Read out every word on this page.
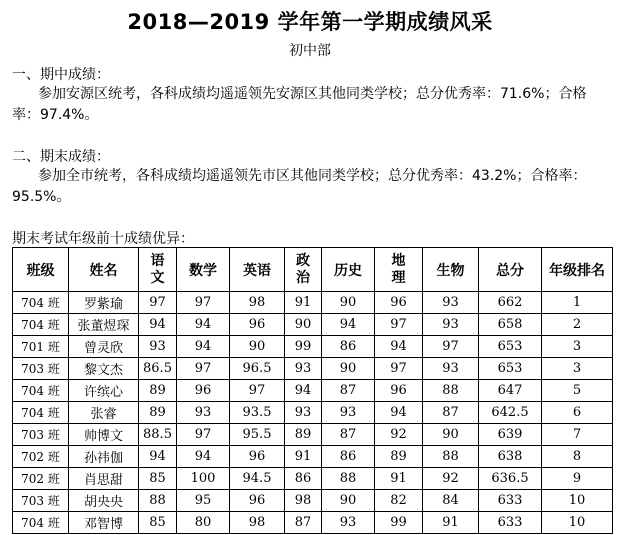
2018—2019 学年第一学期成绩风采
初中部
一、期中成绩：
参加安源区统考，各科成绩均遥遥领先安源区其他同类学校；总分优秀率：71.6%；合格率：97.4%。
二、期末成绩：
参加全市统考，各科成绩均遥遥领先市区其他同类学校；总分优秀率：43.2%；合格率：95.5%。
期末考试年级前十成绩优异：
班级	姓名	语文	数学	英语	政治	历史	地理	生物	总分	年级排名
704 班	罗紫瑜	97	97	98	91	90	96	93	662	1
704 班	张董煜琛	94	94	96	90	94	97	93	658	2
701 班	曾灵欣	93	94	90	99	86	94	97	653	3
703 班	黎文杰	86.5	97	96.5	93	90	97	93	653	3
704 班	许缤心	89	96	97	94	87	96	88	647	5
704 班	张睿	89	93	93.5	93	93	94	87	642.5	6
703 班	帅博文	88.5	97	95.5	89	87	92	90	639	7
702 班	孙祎伽	94	94	96	91	86	89	88	638	8
702 班	肖思甜	85	100	94.5	86	88	91	92	636.5	9
703 班	胡央央	88	95	96	98	90	82	84	633	10
704 班	邓智博	85	80	98	87	93	99	91	633	10
